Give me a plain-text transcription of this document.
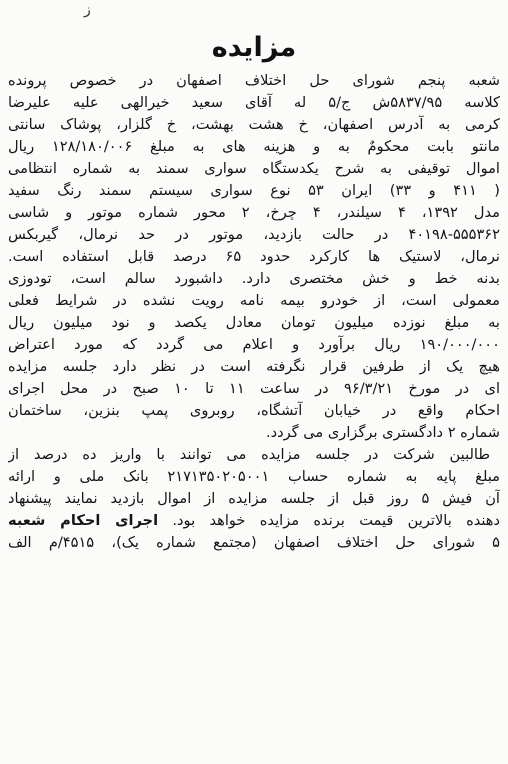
ﺯ
مزایده
شعبه پنجم شورای حل اختلاف اصفهان در خصوص پرونده
کلاسه ۵۸۳۷/۹۵ش ج/۵ له آقای سعید خیرالهی علیه علیرضا
کرمی به آدرس اصفهان، خ هشت بهشت، خ گلزار، پوشاک سانتی
مانتو بابت محکومٌ به و هزینه های به مبلغ ۱۲۸/۱۸۰/۰۰۶ ریال
اموال توقیفی به شرح یکدستگاه سواری سمند به شماره انتظامی
( ۴۱۱ و ۳۳) ایران ۵۳ نوع سواری سیستم سمند رنگ سفید
مدل ۱۳۹۲، ۴ سیلندر، ۴ چرخ، ۲ محور شماره موتور و شاسی
۴۰۱۹۸-۵۵۵۳۶۲ در حالت بازدید، موتور در حد نرمال، گیربکس
نرمال، لاستیک ها کارکرد حدود ۶۵ درصد قابل استفاده است.
بدنه خط و خش مختصری دارد. داشبورد سالم است، تودوزی
معمولی است، از خودرو بیمه نامه رویت نشده در شرایط فعلی
به مبلغ نوزده میلیون تومان معادل یکصد و نود میلیون ریال
۱۹۰/۰۰۰/۰۰۰ ریال برآورد و اعلام می گردد که مورد اعتراض
هیچ یک از طرفین قرار نگرفته است در نظر دارد جلسه مزایده
ای در مورخ ۹۶/۳/۲۱ در ساعت ۱۱ تا ۱۰ صبح در محل اجرای
احکام واقع در خیابان آتشگاه، روبروی پمپ بنزین، ساختمان
شماره ۲ دادگستری برگزاری می گردد.
طالبین شرکت در جلسه مزایده می توانند با واریز ده درصد از
مبلغ پایه به شماره حساب ۲۱۷۱۳۵۰۲۰۵۰۰۱ بانک ملی و ارائه
آن فیش ۵ روز قبل از جلسه مزایده از اموال بازدید نمایند پیشنهاد
دهنده بالاترین قیمت برنده مزایده خواهد بود. اجرای احکام شعبه
۵ شورای حل اختلاف اصفهان (مجتمع شماره یک)، ۴۵۱۵/م الف
